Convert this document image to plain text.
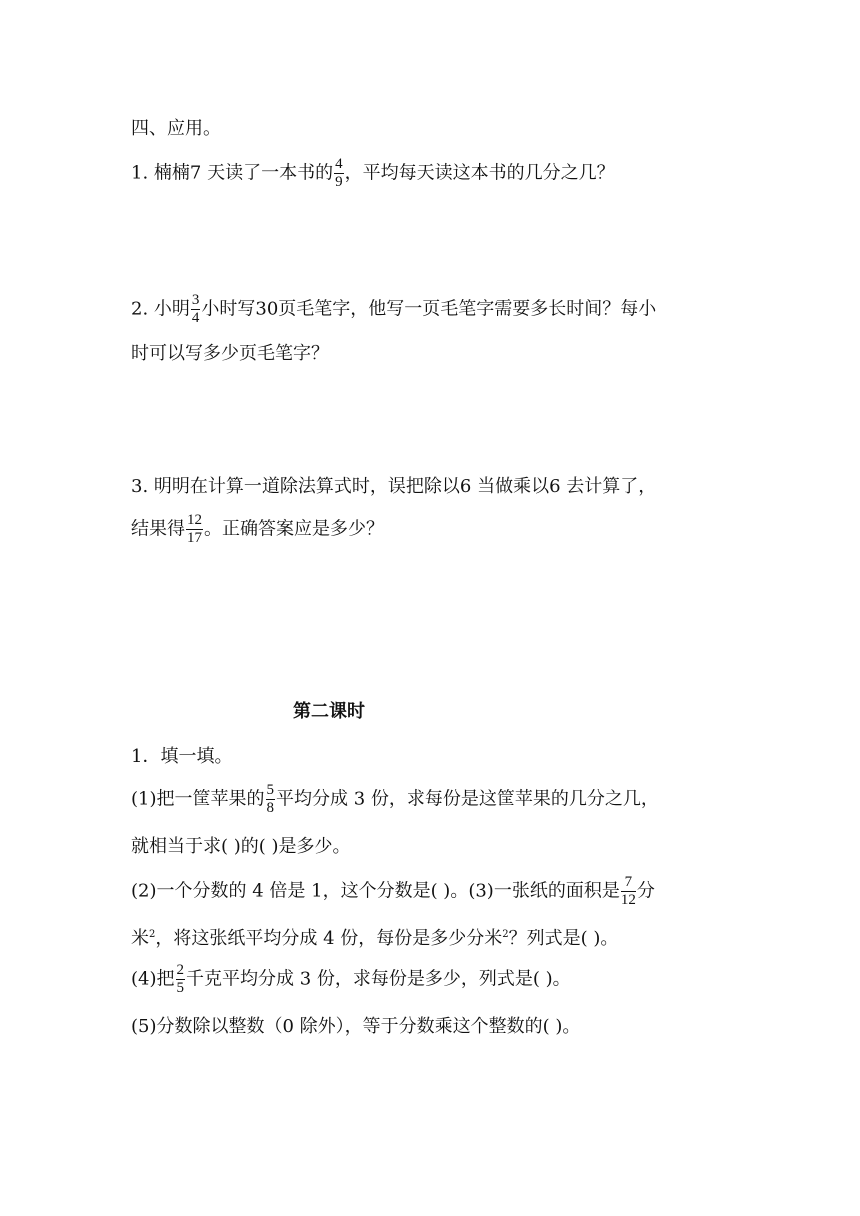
四、应用。
1. 楠楠7 天读了一本书的 $\frac{4}{9}$ ，平均每天读这本书的几分之几？
2. 小明 $\frac{3}{4}$ 小时写30页毛笔字，他写一页毛笔字需要多长时间？每小
时可以写多少页毛笔字？
3. 明明在计算一道除法算式时，误把除以6 当做乘以6 去计算了，
结果得 $\frac{12}{17}$ 。正确答案应是多少？
第二课时
1．填一填。
(1)把一筐苹果的 $\frac{5}{8}$ 平均分成 3 份，求每份是这筐苹果的几分之几，
就相当于求( )的( )是多少。
(2)一个分数的 4 倍是 1，这个分数是( )。(3)一张纸的面积是 $\frac{7}{12}$ 分
米$^2$，将这张纸平均分成 4 份，每份是多少分米$^2$？列式是( )。
(4)把 $\frac{2}{5}$ 千克平均分成 3 份，求每份是多少，列式是( )。
(5)分数除以整数（0 除外），等于分数乘这个整数的( )。
